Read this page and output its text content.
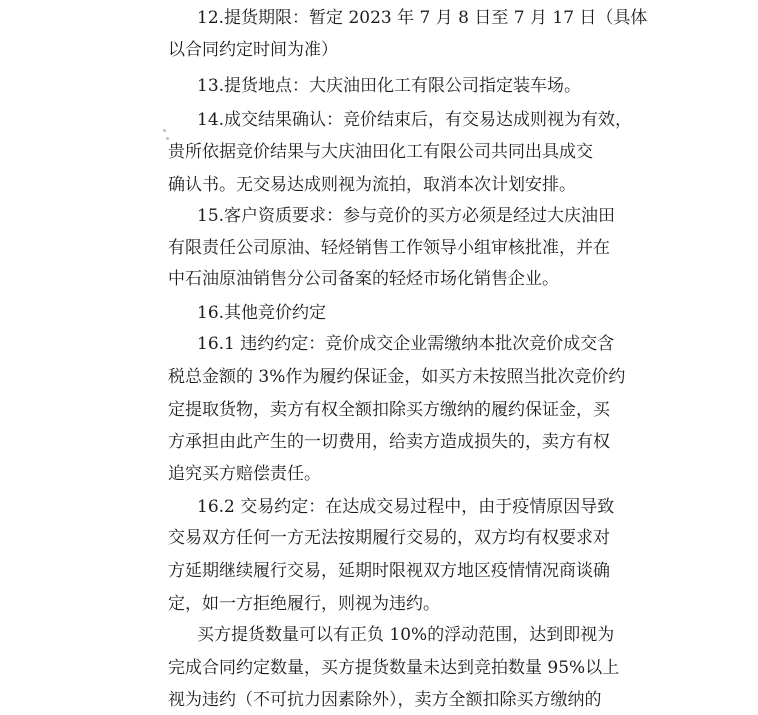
12.提货期限：暂定 2023 年 7 月 8 日至 7 月 17 日（具体
以合同约定时间为准）
13.提货地点：大庆油田化工有限公司指定装车场。
14.成交结果确认：竞价结束后，有交易达成则视为有效，
贵所依据竞价结果与大庆油田化工有限公司共同出具成交
确认书。无交易达成则视为流拍，取消本次计划安排。
15.客户资质要求：参与竞价的买方必须是经过大庆油田
有限责任公司原油、轻烃销售工作领导小组审核批准，并在
中石油原油销售分公司备案的轻烃市场化销售企业。
16.其他竞价约定
16.1 违约约定：竞价成交企业需缴纳本批次竞价成交含
税总金额的 3%作为履约保证金，如买方未按照当批次竞价约
定提取货物，卖方有权全额扣除买方缴纳的履约保证金，买
方承担由此产生的一切费用，给卖方造成损失的，卖方有权
追究买方赔偿责任。
16.2 交易约定：在达成交易过程中，由于疫情原因导致
交易双方任何一方无法按期履行交易的，双方均有权要求对
方延期继续履行交易，延期时限视双方地区疫情情况商谈确
定，如一方拒绝履行，则视为违约。
买方提货数量可以有正负 10%的浮动范围，达到即视为
完成合同约定数量，买方提货数量未达到竞拍数量 95%以上
视为违约（不可抗力因素除外），卖方全额扣除买方缴纳的
